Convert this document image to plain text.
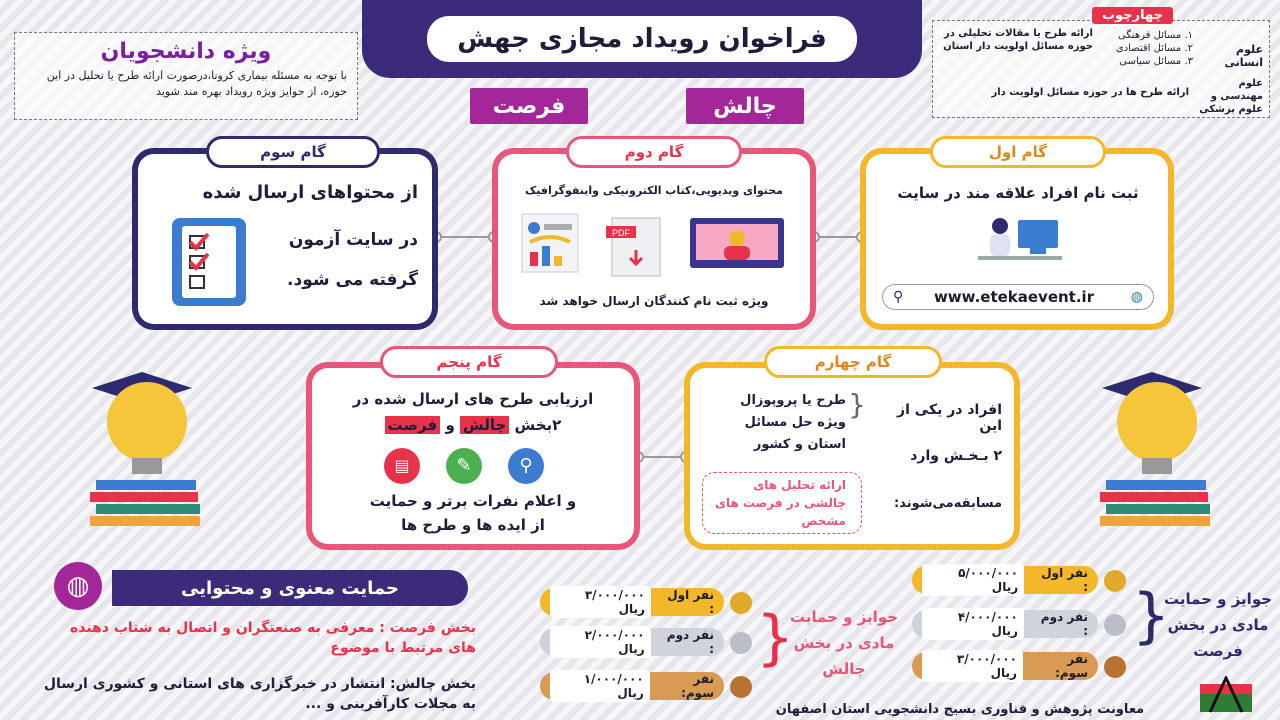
فراخوان رویداد مجازی جهش
فرصت	چالش
ویژه دانشجویان
با توجه به مسئله بیماری کرونا،درصورت ارائه طرح یا تحلیل در این حوزه، از جوایز ویژه رویداد بهره مند شوید
چهارچوب
علوم انسانی
۱. مسائل فرهنگی
۲. مسائل اقتصادی
۳. مسائل سیاسی
ارائه طرح یا مقالات تحلیلی در حوزه مسائل اولویت دار استان
علوم مهندسی و علوم پزشکی
ارائه طرح ها در حوزه مسائل اولویت دار
از محتواهای ارسال شده
در سایت آزمون
گرفته می شود.
گام سوم
محتوای ویدیویی،کتاب الکترونیکی واینفوگرافیک
PDF
ویژه ثبت نام کنندگان ارسال خواهد شد
گام دوم
ثبت نام افراد علاقه مند در سایت
◍
www.etekaevent.ir
⚲
گام اول
ارزیابی طرح های ارسال شده در
۲بخش چالش و فرصت
⚲
✎
▤
و اعلام نفرات برتر و حمایت
از ایده ها و طرح ها
گام پنجم
افراد در یکی از این
۲ بـخـش وارد
مسابقه‌می‌شوند:
{
طرح یا پروپوزال ویژه حل مسائل استان و کشور
ارائه تحلیل های چالشی در فرصت های مشخص
گام چهارم
◍	حمایت معنوی و محتوایی
بخش فرصت : معرفی به صنعتگران و اتصال به شتاب دهنده های مرتبط با موضوع
بخش چالش: انتشار در خبرگزاری های استانی و کشوری ارسال به مجلات کارآفرینی و ...
نفر اول :

۳/۰۰۰/۰۰۰ ریال
نفر دوم :

۲/۰۰۰/۰۰۰ ریال
نفر سوم:

۱/۰۰۰/۰۰۰ ریال
{
جوایز و حمایت مادی در بخش چالش
نفر اول :

۵/۰۰۰/۰۰۰ ریال
نفر دوم :

۴/۰۰۰/۰۰۰ ریال
نفر سوم:

۳/۰۰۰/۰۰۰ ریال
{
جوایز و حمایت مادی در بخش فرصت
معاونت پژوهش و فناوری بسیج دانشجویی استان اصفهان
